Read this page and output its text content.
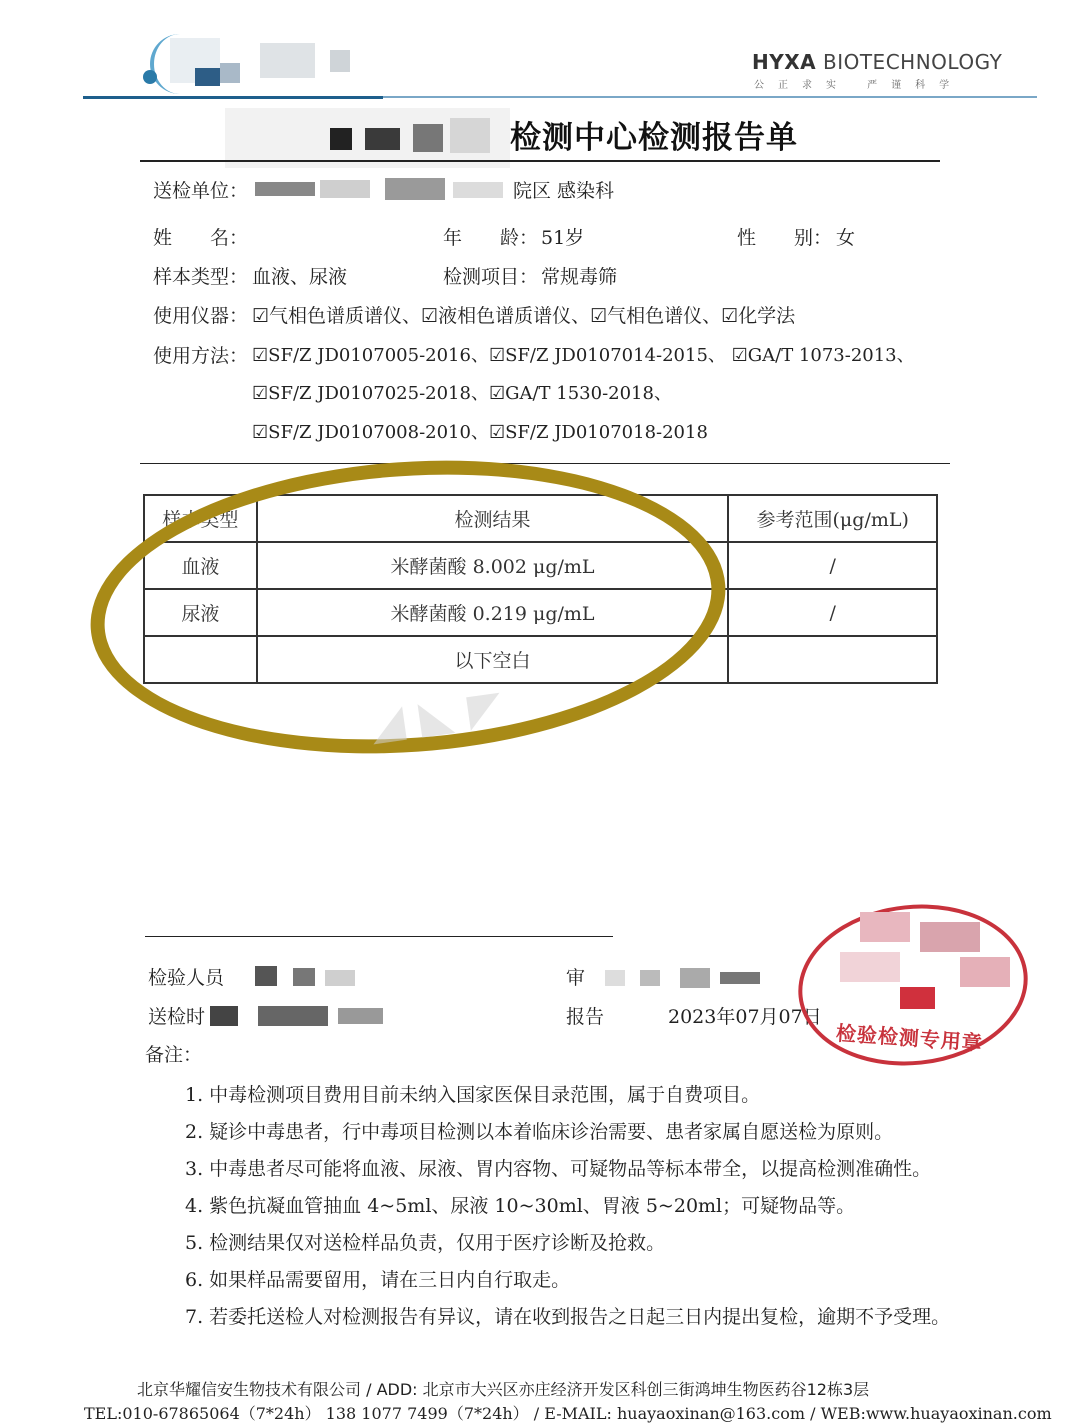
HYXA BIOTECHNOLOGY
公正求实 严谨科学
检测中心检测报告单
送检单位：	院区 感染科
姓　　名：	年　　龄： 51岁	性　　别： 女
样本类型： 血液、尿液	检测项目： 常规毒筛
使用仪器： ☑气相色谱质谱仪、☑液相色谱质谱仪、☑气相色谱仪、☑化学法
使用方法： ☑SF/Z JD0107005-2016、☑SF/Z JD0107014-2015、 ☑GA/T 1073-2013、
☑SF/Z JD0107025-2018、☑GA/T 1530-2018、
☑SF/Z JD0107008-2010、☑SF/Z JD0107018-2018
样本类型	检测结果	参考范围(μg/mL)
血液	米酵菌酸 8.002 μg/mL	/
尿液	米酵菌酸 0.219 μg/mL	/
	以下空白	
◢ ◣ ◤
检验人员	审
送检时	报告	2023年07月07日
检验检测专用章
备注：
1. 中毒检测项目费用目前未纳入国家医保目录范围，属于自费项目。
2. 疑诊中毒患者，行中毒项目检测以本着临床诊治需要、患者家属自愿送检为原则。
3. 中毒患者尽可能将血液、尿液、胃内容物、可疑物品等标本带全，以提高检测准确性。
4. 紫色抗凝血管抽血 4~5ml、尿液 10~30ml、胃液 5~20ml；可疑物品等。
5. 检测结果仅对送检样品负责，仅用于医疗诊断及抢救。
6. 如果样品需要留用，请在三日内自行取走。
7. 若委托送检人对检测报告有异议，请在收到报告之日起三日内提出复检，逾期不予受理。
北京华耀信安生物技术有限公司 / ADD: 北京市大兴区亦庄经济开发区科创三街鸿坤生物医药谷12栋3层
TEL:010-67865064（7*24h） 138 1077 7499（7*24h） / E-MAIL: huayaoxinan@163.com / WEB:www.huayaoxinan.com
